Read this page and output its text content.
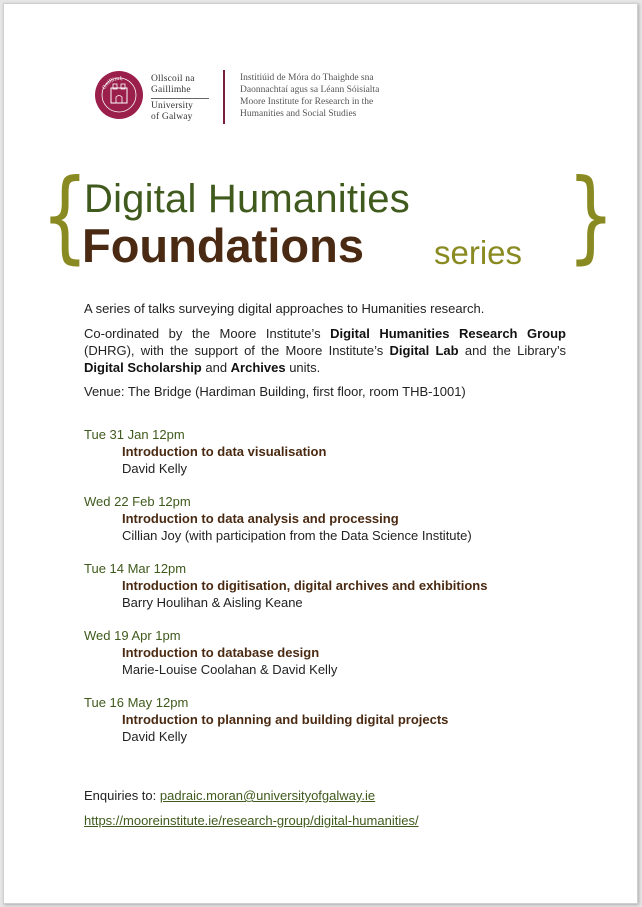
Gaillimh	Ollscoil na
Gaillimhe
University
of Galway
Institiúid de Móra do Thaighde sna
Daonnachtaí agus sa Léann Sóisialta
Moore Institute for Research in the
Humanities and Social Studies
{	}
Digital Humanities
Foundations series
A series of talks surveying digital approaches to Humanities research.
Co-ordinated by the Moore Institute’s Digital Humanities Research Group (DHRG), with the support of the Moore Institute’s Digital Lab and the Library’s Digital Scholarship and Archives units.
Venue: The Bridge (Hardiman Building, first floor, room THB-1001)
Tue 31 Jan 12pm
Introduction to data visualisation
David Kelly
Wed 22 Feb 12pm
Introduction to data analysis and processing
Cillian Joy (with participation from the Data Science Institute)
Tue 14 Mar 12pm
Introduction to digitisation, digital archives and exhibitions
Barry Houlihan & Aisling Keane
Wed 19 Apr 1pm
Introduction to database design
Marie-Louise Coolahan & David Kelly
Tue 16 May 12pm
Introduction to planning and building digital projects
David Kelly
Enquiries to: padraic.moran@universityofgalway.ie
https://mooreinstitute.ie/research-group/digital-humanities/
